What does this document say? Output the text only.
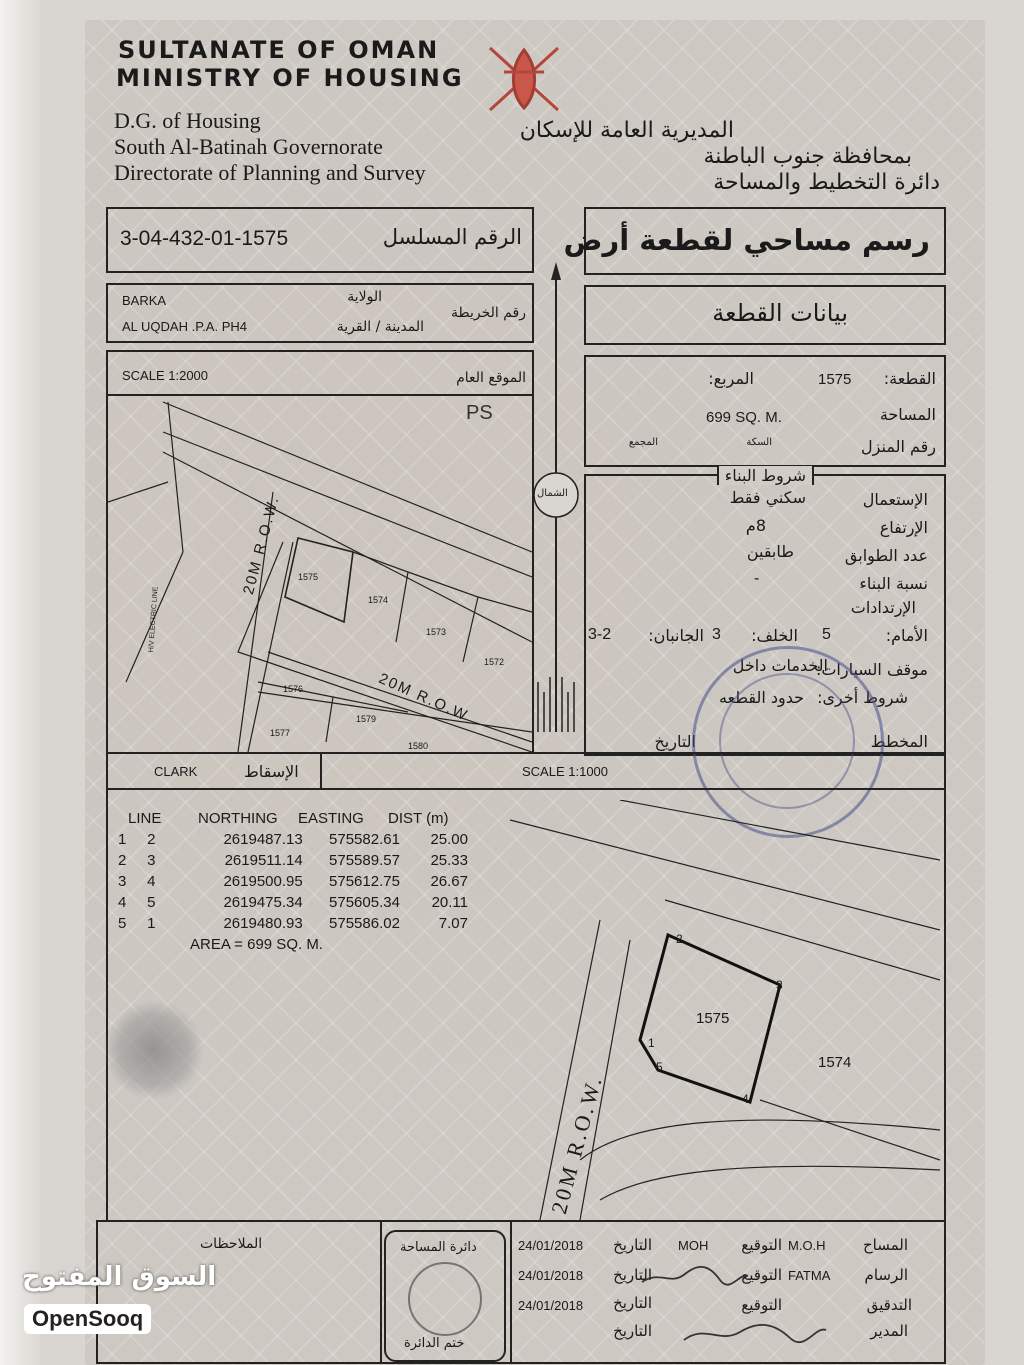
SULTANATE OF OMAN
MINISTRY OF HOUSING
D.G. of Housing
South Al-Batinah Governorate
Directorate of Planning and Survey
المديرية العامة للإسكان
بمحافظة جنوب الباطنة
دائرة التخطيط والمساحة
3-04-432-01-1575	الرقم المسلسل رسم مساحي لقطعة أرض
BARKA	الولاية
رقم الخريطة
AL UQDAH .P.A. PH4	المدينة / القرية	بيانات القطعة
SCALE 1:2000	الموقع العام
PS
1575
1574
1573
1572
1576
1579
1577
1580
20M R.O.W.
20M R.O.W
H/V ELECTRIC LINE
الشمال
القطعة:
1575
المربع:
المساحة
699 SQ. M.
رقم المنزل
السكة
المجمع
شروط البناء
الإستعمال
سكني فقط
الإرتفاع
8م
عدد الطوابق
طابقين
نسبة البناء
-
الإرتدادات
الأمام:
5
الخلف:
3
الجانبان:
3-2
موقف السيارات:
الخدمات داخل
شروط أخرى:
حدود القطعه
المخطط
التاريخ
CLARK	الإسقاط	SCALE 1:1000
LINE	NORTHING	EASTING	DIST (m)
1	2	2619487.13	575582.61	25.00
2	3	2619511.14	575589.57	25.33
3	4	2619500.95	575612.75	26.67
4	5	2619475.34	575605.34	20.11
5	1	2619480.93	575586.02	7.07
AREA = 699 SQ. M.	2
3
4
5
1
1575
1574
20M R.O.W.
الملاحظات	دائرة المساحة
ختم الدائرة
المساح
M.O.H
التوقيع
MOH
التاريخ
24/01/2018
الرسام
FATMA
التوقيع
التاريخ
24/01/2018
التدقيق
التوقيع
التاريخ
24/01/2018
المدير
التاريخ
السوق المفتوح
OpenSooq
